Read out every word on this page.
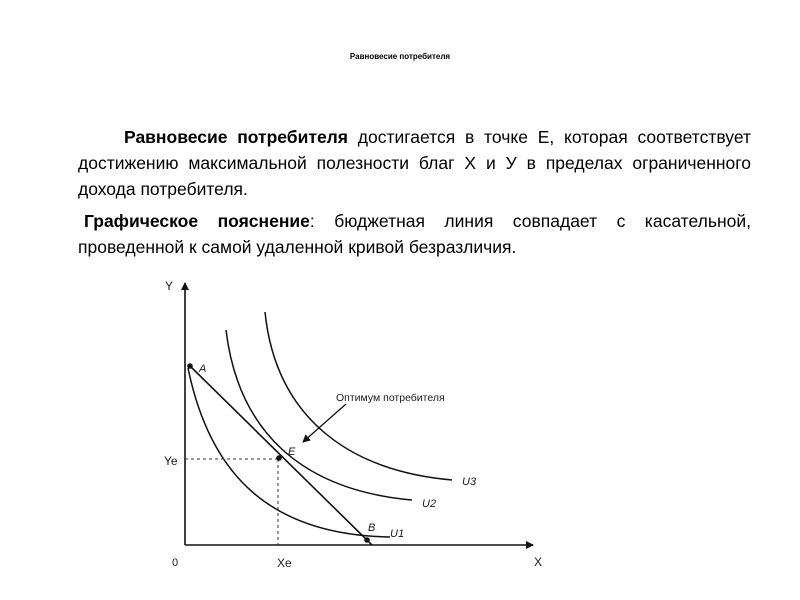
Равновесие потребителя
Равновесие потребителя достигается в точке Е, которая соответствует достижению максимальной полезности благ Х и У в пределах ограниченного дохода потребителя.
Графическое пояснение: бюджетная линия совпадает с касательной, проведенной к самой удаленной кривой безразличия.
Y
X
0
Ye
Xe
A
E
B U1
U2
U3
Оптимум потребителя
